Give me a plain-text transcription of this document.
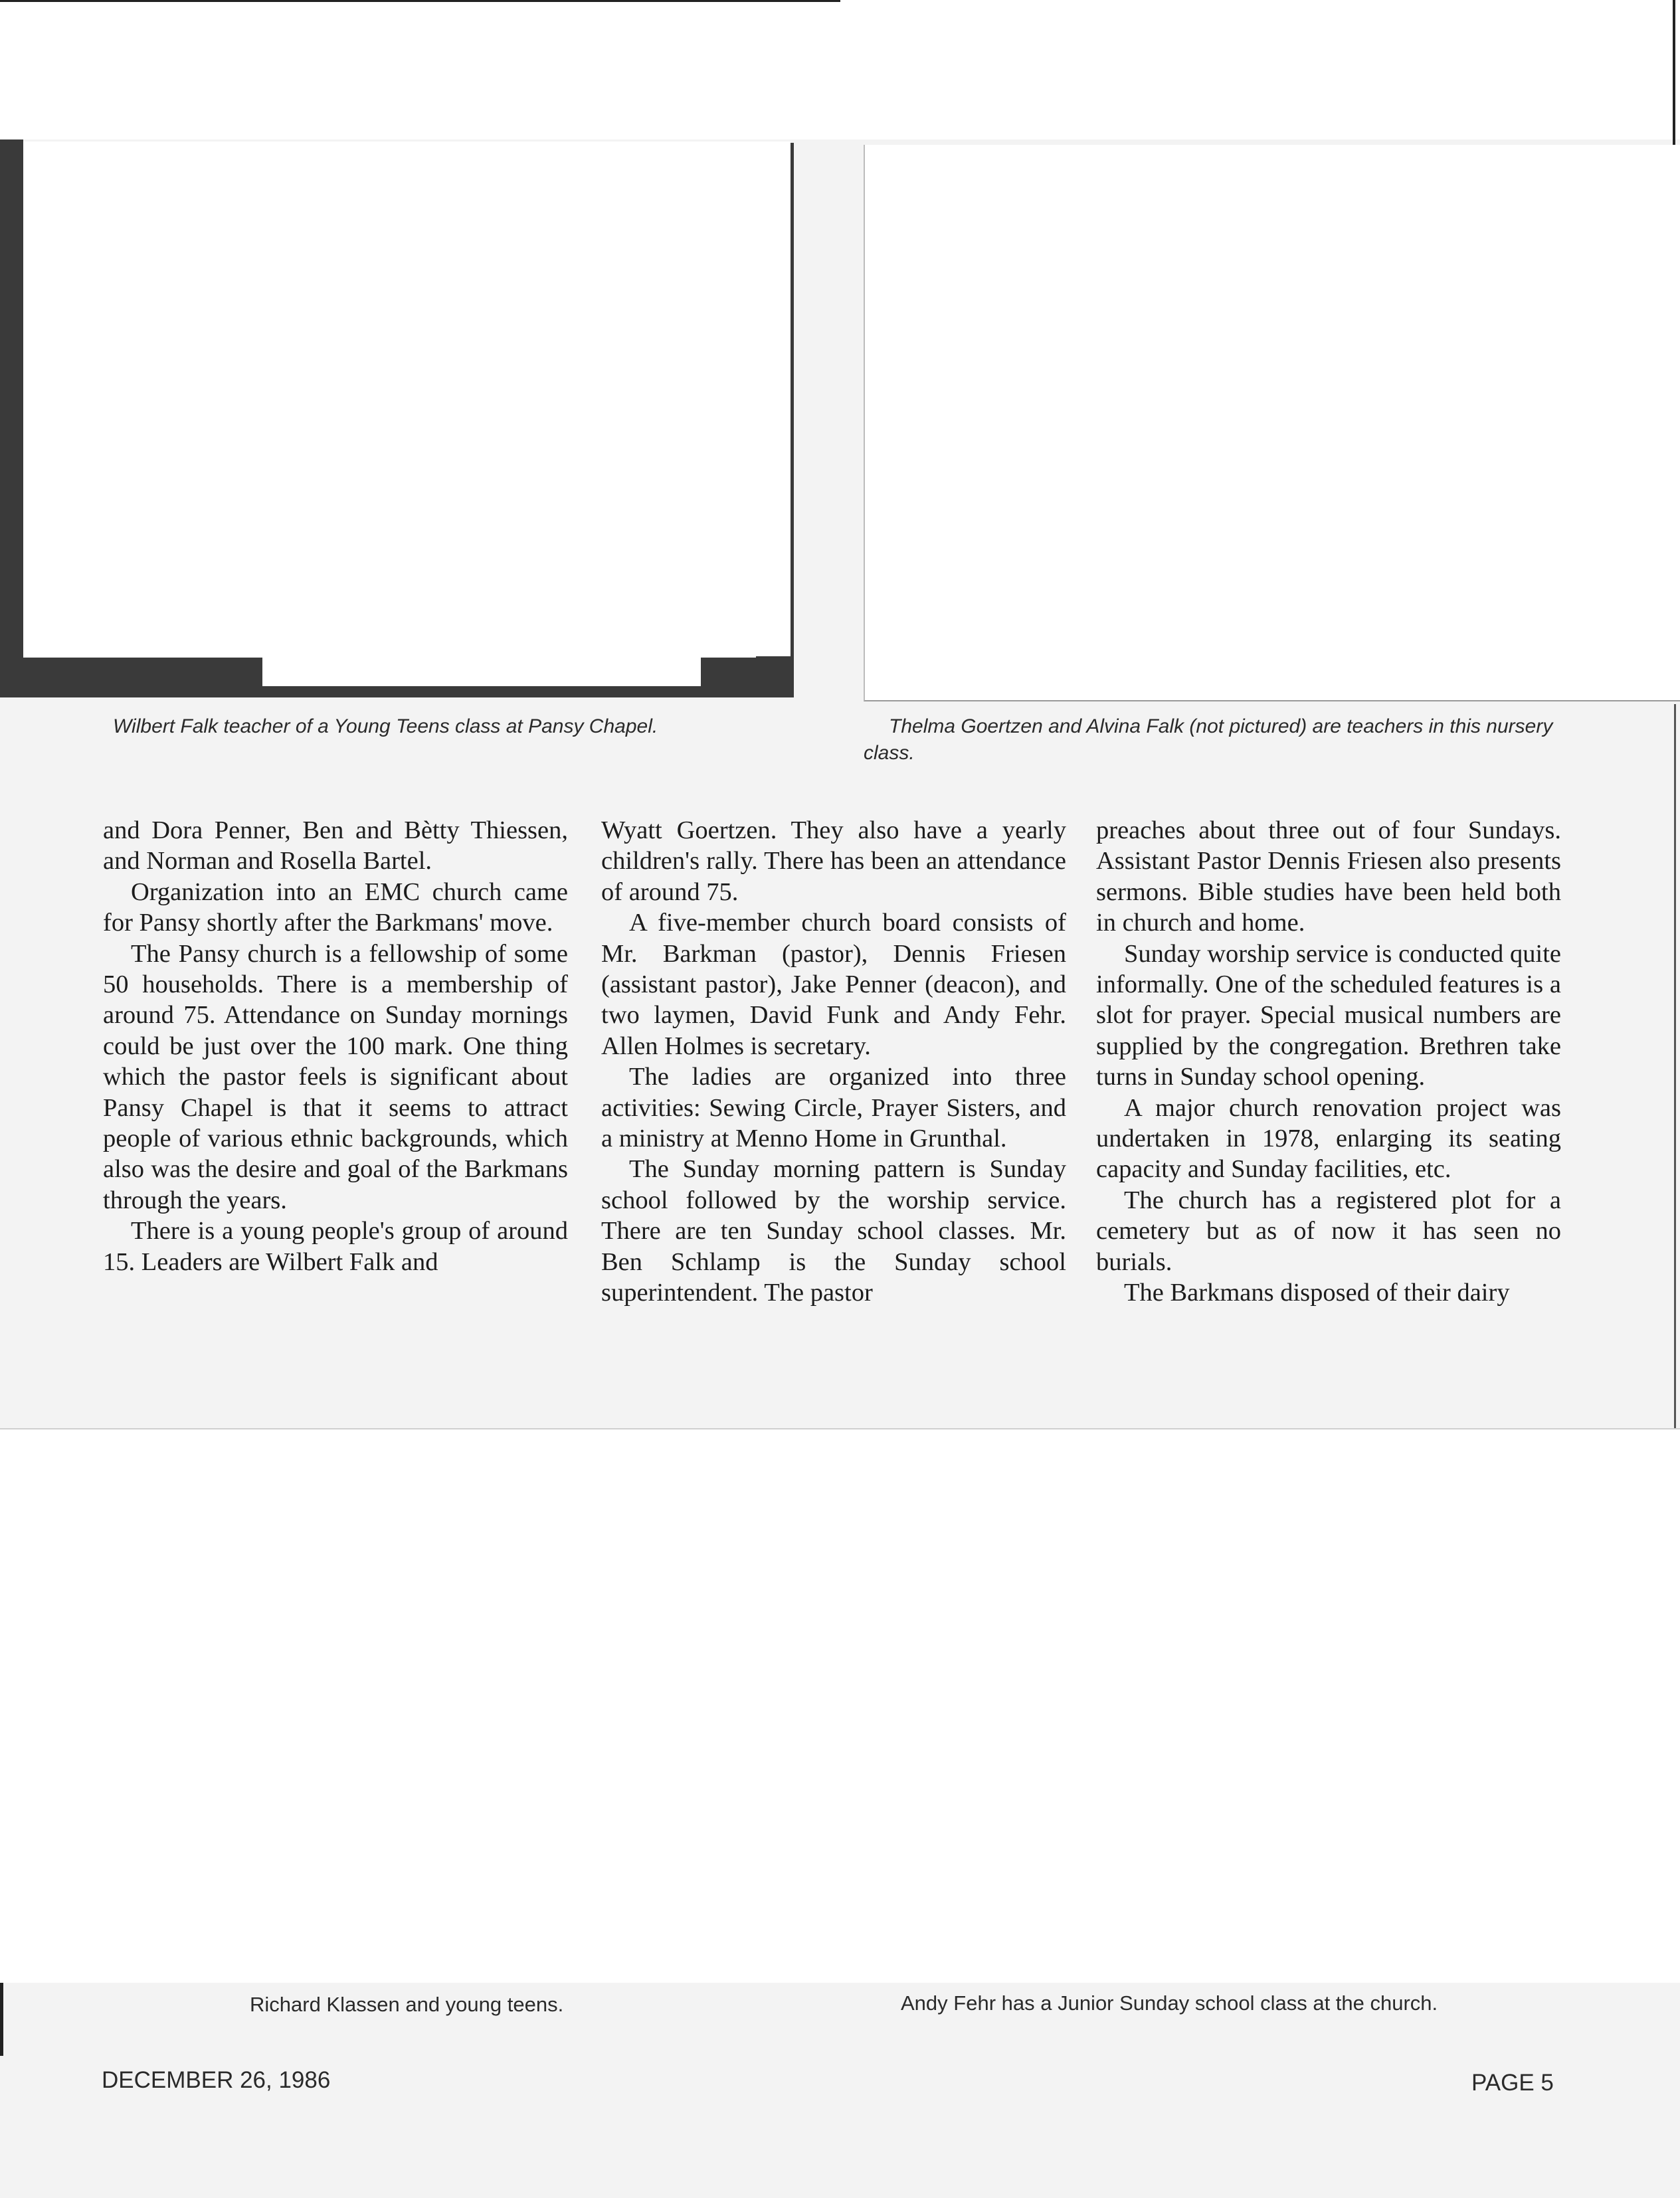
Wilbert Falk teacher of a Young Teens class at Pansy Chapel.	Thelma Goertzen and Alvina Falk (not pictured) are teachers in this nursery class.

and Dora Penner, Ben and Bètty Thiessen, and Norman and Rosella Bartel.

Organization into an EMC church came for Pansy shortly after the Barkmans' move.

The Pansy church is a fellowship of some 50 households. There is a membership of around 75. Attendance on Sunday mornings could be just over the 100 mark. One thing which the pastor feels is significant about Pansy Chapel is that it seems to attract people of various ethnic backgrounds, which also was the desire and goal of the Barkmans through the years.

There is a young people's group of around 15. Leaders are Wilbert Falk and

Wyatt Goertzen. They also have a yearly children's rally. There has been an attendance of around 75.

A five-member church board consists of Mr. Barkman (pastor), Dennis Friesen (assistant pastor), Jake Penner (deacon), and two laymen, David Funk and Andy Fehr. Allen Holmes is secretary.

The ladies are organized into three activities: Sewing Circle, Prayer Sisters, and a ministry at Menno Home in Grunthal.

The Sunday morning pattern is Sunday school followed by the worship service. There are ten Sunday school classes. Mr. Ben Schlamp is the Sunday school superintendent. The pastor

preaches about three out of four Sundays. Assistant Pastor Dennis Friesen also presents sermons. Bible studies have been held both in church and home.

Sunday worship service is conducted quite informally. One of the scheduled features is a slot for prayer. Special musical numbers are supplied by the congregation. Brethren take turns in Sunday school opening.

A major church renovation project was undertaken in 1978, enlarging its seating capacity and Sunday facilities, etc.

The church has a registered plot for a cemetery but as of now it has seen no burials.

The Barkmans disposed of their dairy

Richard Klassen and young teens.	Andy Fehr has a Junior Sunday school class at the church.
DECEMBER 26, 1986	PAGE 5
